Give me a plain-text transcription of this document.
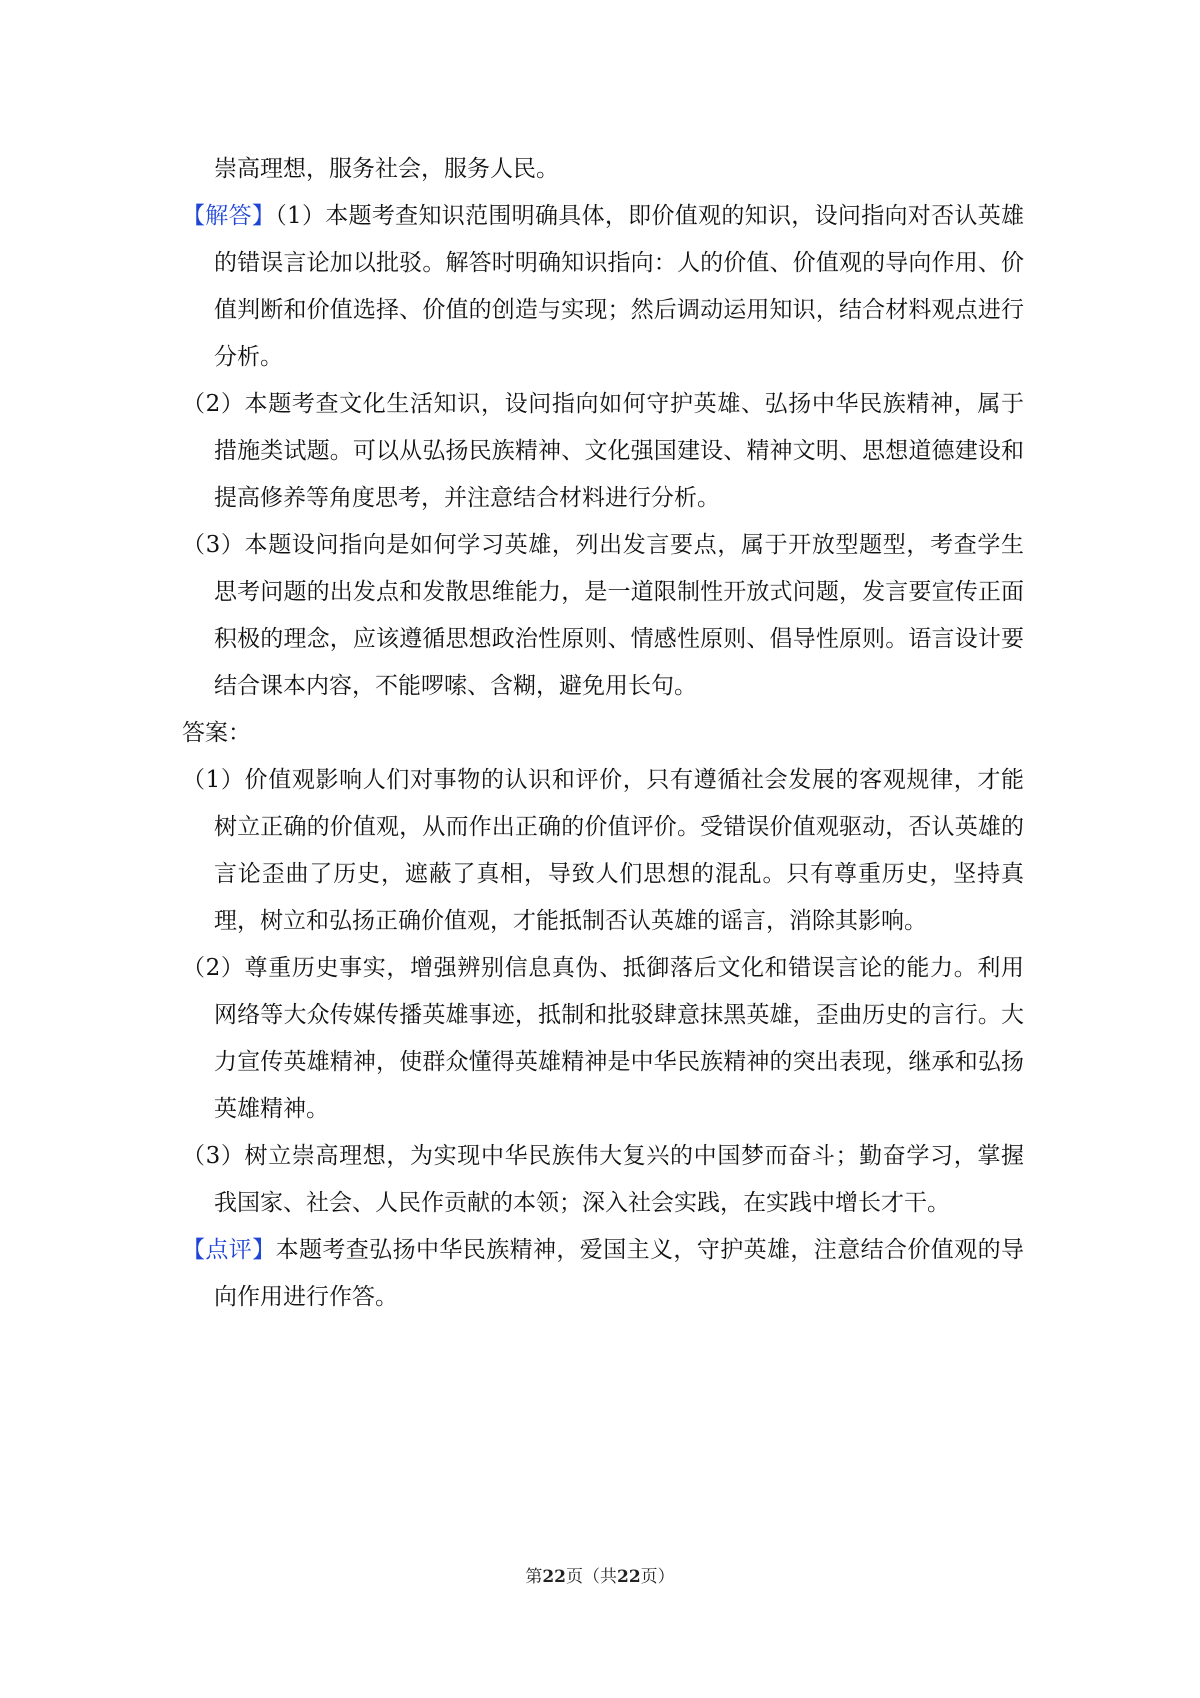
崇高理想，服务社会，服务人民。

【解答】（1）本题考查知识范围明确具体，即价值观的知识，设问指向对否认英雄的错误言论加以批驳。解答时明确知识指向：人的价值、价值观的导向作用、价值判断和价值选择、价值的创造与实现；然后调动运用知识，结合材料观点进行分析。

（2）本题考查文化生活知识，设问指向如何守护英雄、弘扬中华民族精神，属于措施类试题。可以从弘扬民族精神、文化强国建设、精神文明、思想道德建设和提高修养等角度思考，并注意结合材料进行分析。

（3）本题设问指向是如何学习英雄，列出发言要点，属于开放型题型，考查学生思考问题的出发点和发散思维能力，是一道限制性开放式问题，发言要宣传正面积极的理念，应该遵循思想政治性原则、情感性原则、倡导性原则。语言设计要结合课本内容，不能啰嗦、含糊，避免用长句。

答案：

（1）价值观影响人们对事物的认识和评价，只有遵循社会发展的客观规律，才能树立正确的价值观，从而作出正确的价值评价。受错误价值观驱动，否认英雄的言论歪曲了历史，遮蔽了真相，导致人们思想的混乱。只有尊重历史，坚持真理，树立和弘扬正确价值观，才能抵制否认英雄的谣言，消除其影响。

（2）尊重历史事实，增强辨别信息真伪、抵御落后文化和错误言论的能力。利用网络等大众传媒传播英雄事迹，抵制和批驳肆意抹黑英雄，歪曲历史的言行。大力宣传英雄精神，使群众懂得英雄精神是中华民族精神的突出表现，继承和弘扬英雄精神。

（3）树立崇高理想，为实现中华民族伟大复兴的中国梦而奋斗；勤奋学习，掌握我国家、社会、人民作贡献的本领；深入社会实践，在实践中增长才干。

【点评】本题考查弘扬中华民族精神，爱国主义，守护英雄，注意结合价值观的导向作用进行作答。

第22页（共22页）
